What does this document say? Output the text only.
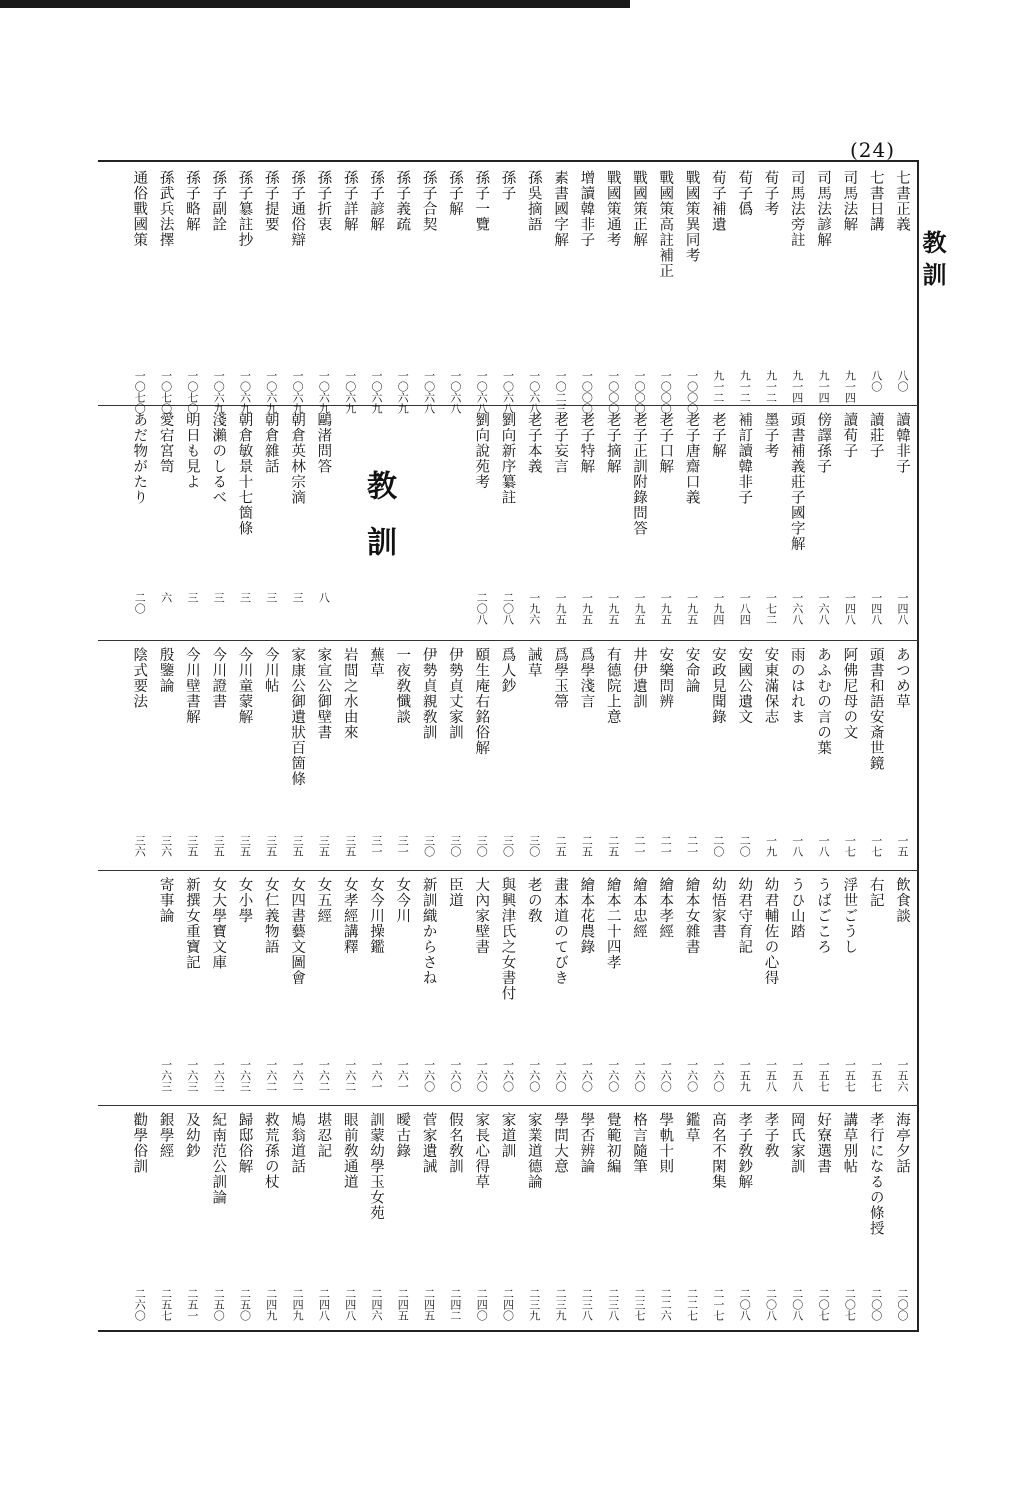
(24)
教訓
教訓
七書正義
八〇
七書日講
八〇
司馬法解
九一四
司馬法諺解
九一四
司馬法旁註
九一四
荀子考
九一二
荀子僞
九一二
荀子補遺
九一二
戰國策異同考
一〇〇〇
戰國策高註補正
一〇〇〇
戰國策正解
一〇〇〇
戰國策通考
一〇〇〇
增讀韓非子
一〇〇〇
素書國字解
一〇二三
孫吳摘語
一〇六八
孫子
一〇六八
孫子一覽
一〇六八
孫子解
一〇六八
孫子合契
一〇六八
孫子義疏
一〇六九
孫子諺解
一〇六九
孫子詳解
一〇六九
孫子折衷
一〇六九
孫子通俗辯
一〇六九
孫子提要
一〇六九
孫子簒註抄
一〇六九
孫子副詮
一〇六九
孫子略解
一〇七〇
孫武兵法擇
一〇七〇
通俗戰國策
一〇七〇
讀韓非子
一四八
讀莊子
一四八
讀荀子
一四八
傍譯孫子
一六八
頭書補義莊子國字解
一六八
墨子考
一七二
補訂讀韓非子
一八四
老子解
一九四
老子唐齋口義
一九五
老子口解
一九五
老子正訓附錄問答
一九五
老子摘解
一九五
老子特解
一九五
老子妄言
一九五
老子本義
一九六
劉向新序纂註
二〇八
劉向說苑考
二〇八
鷗渚問答
八
朝倉英林宗滴
三
朝倉雜話
三
朝倉敏景十七箇條
三
淺瀨のしるべ
三
明日も見よ
三
愛宕宮笥
六
あだ物がたり
二〇
あつめ草
一五
頭書和語安斎世鏡
一七
阿佛尼母の文
一七
あふむの言の葉
一八
雨のはれま
一八
安東滿保志
一九
安國公遺文
二〇
安政見聞錄
二〇
安命論
二一
安樂問辨
二一
井伊遺訓
二一
有德院上意
二五
爲學淺言
二五
爲學玉箒
二五
誡草
三〇
爲人鈔
三〇
頤生庵右銘俗解
三〇
伊勢貞丈家訓
三〇
伊勢貞親敎訓
三〇
一夜敎懺談
三一
蕪草
三一
岩間之水由來
三五
家宣公御壁書
三五
家康公御遺狀百箇條
三五
今川帖
三五
今川童蒙解
三五
今川證書
三五
今川壁書解
三五
殷鑒論
三六
陰式要法
三六
飲食談
一五六
右記
一五七
浮世ごうし
一五七
うばごころ
一五七
うひ山踏
一五八
幼君輔佐の心得
一五八
幼君守育記
一五九
幼悟家書
一六〇
繪本女雜書
一六〇
繪本孝經
一六〇
繪本忠經
一六〇
繪本二十四孝
一六〇
繪本花農錄
一六〇
畫本道のてびき
一六〇
老の敎
一六〇
與興津氏之女書付
一六〇
大內家壁書
一六〇
臣道
一六〇
新訓織からさね
一六〇
女今川
一六一
女今川操鑑
一六一
女孝經講釋
一六二
女五經
一六二
女四書藝文圖會
一六二
女仁義物語
一六二
女小學
一六三
女大學寶文庫
一六三
新撰女重寶記
一六三
寄事論
一六三
海亭夕話
二〇〇
孝行になるの條授
二〇〇
講草別帖
二〇七
好寮選書
二〇七
岡氏家訓
二〇八
孝子敎
二〇八
孝子敎鈔解
二〇八
高名不閑集
二一七
鑑草
二二七
學軌十則
二二六
格言隨筆
二三七
覺範初編
二三八
學否辨論
二三八
學問大意
二三九
家業道德論
二三九
家道訓
二四〇
家長心得草
二四〇
假名敎訓
二四二
菅家遺誡
二四五
曖古錄
二四五
訓蒙幼學玉女苑
二四六
眼前敎通道
二四八
堪忍記
二四八
鳩翁道話
二四九
救荒孫の杖
二四九
歸邸俗解
二五〇
紀南范公訓論
二五〇
及幼鈔
二五一
銀學經
二五七
勸學俗訓
二六〇
